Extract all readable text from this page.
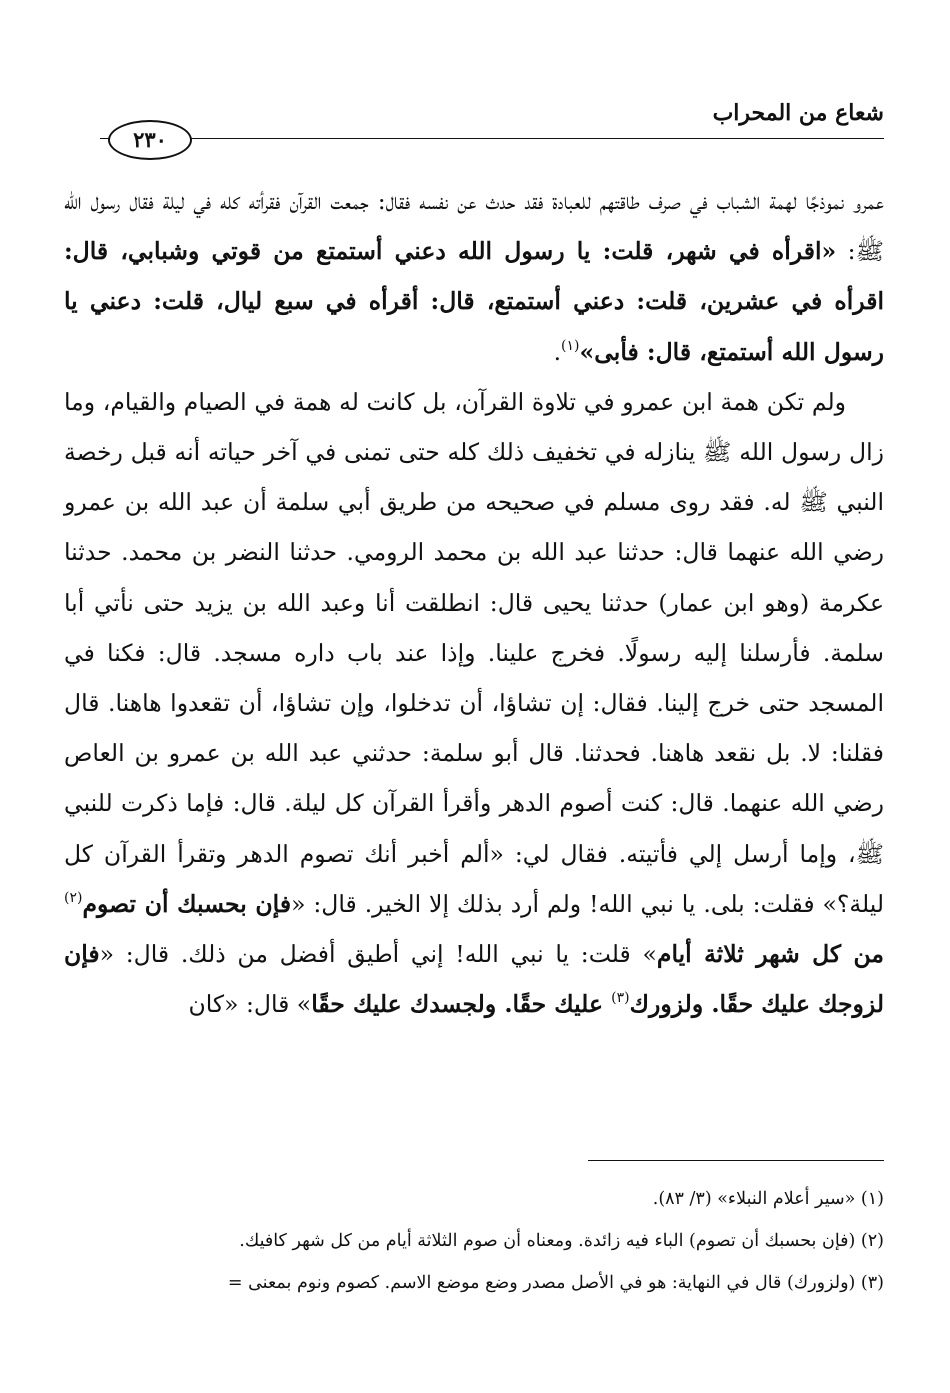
شعاع من المحراب
٢٣٠

عمرو نموذجًا لهمة الشباب في صرف طاقتهم للعبادة فقد حدث عن نفسه فقال: جمعت القرآن فقرأته كله في ليلة فقال رسول الله ﷺ: «اقرأه في شهر، قلت: يا رسول الله دعني أستمتع من قوتي وشبابي، قال: اقرأه في عشرين، قلت: دعني أستمتع، قال: أقرأه في سبع ليال، قلت: دعني يا رسول الله أستمتع، قال: فأبى»$^{(١)}$.

ولم تكن همة ابن عمرو في تلاوة القرآن، بل كانت له همة في الصيام والقيام، وما زال رسول الله ﷺ ينازله في تخفيف ذلك كله حتى تمنى في آخر حياته أنه قبل رخصة النبي ﷺ له. فقد روى مسلم في صحيحه من طريق أبي سلمة أن عبد الله بن عمرو رضي الله عنهما قال: حدثنا عبد الله بن محمد الرومي. حدثنا النضر بن محمد. حدثنا عكرمة (وهو ابن عمار) حدثنا يحيى قال: انطلقت أنا وعبد الله بن يزيد حتى نأتي أبا سلمة. فأرسلنا إليه رسولًا. فخرج علينا. وإذا عند باب داره مسجد. قال: فكنا في المسجد حتى خرج إلينا. فقال: إن تشاؤا، أن تدخلوا، وإن تشاؤا، أن تقعدوا هاهنا. قال فقلنا: لا. بل نقعد هاهنا. فحدثنا. قال أبو سلمة: حدثني عبد الله بن عمرو بن العاص رضي الله عنهما. قال: كنت أصوم الدهر وأقرأ القرآن كل ليلة. قال: فإما ذكرت للنبي ﷺ، وإما أرسل إلي فأتيته. فقال لي: «ألم أخبر أنك تصوم الدهر وتقرأ القرآن كل ليلة؟» فقلت: بلى. يا نبي الله! ولم أرد بذلك إلا الخير. قال: «فإن بحسبك أن تصوم$^{(٢)}$ من كل شهر ثلاثة أيام» قلت: يا نبي الله! إني أطيق أفضل من ذلك. قال: «فإن لزوجك عليك حقًا. ولزورك$^{(٣)}$ عليك حقًا. ولجسدك عليك حقًا» قال: «كان

(١) «سير أعلام النبلاء» (٣/ ٨٣).
(٢) (فإن بحسبك أن تصوم) الباء فيه زائدة. ومعناه أن صوم الثلاثة أيام من كل شهر كافيك.
(٣) (ولزورك) قال في النهاية: هو في الأصل مصدر وضع موضع الاسم. كصوم ونوم بمعنى =
